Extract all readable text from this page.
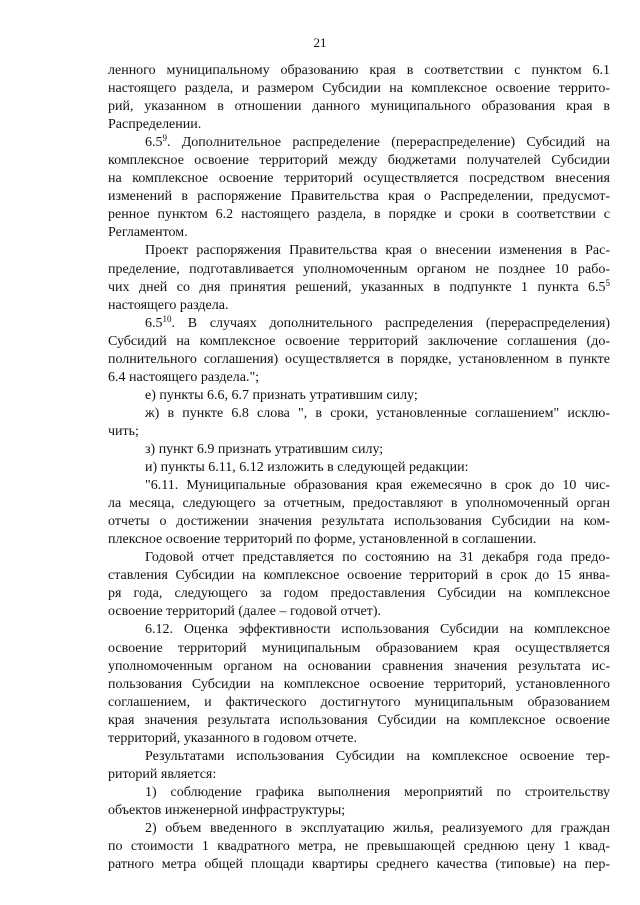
21
ленного муниципальному образованию края в соответствии с пунктом 6.1
настоящего раздела, и размером Субсидии на комплексное освоение террито-
рий, указанном в отношении данного муниципального образования края в
Распределении.
$6.5^9$. Дополнительное распределение (перераспределение) Субсидий на
комплексное освоение территорий между бюджетами получателей Субсидии
на комплексное освоение территорий осуществляется посредством внесения
изменений в распоряжение Правительства края о Распределении, предусмот-
ренное пунктом 6.2 настоящего раздела, в порядке и сроки в соответствии с
Регламентом.
Проект распоряжения Правительства края о внесении изменения в Рас-
пределение, подготавливается уполномоченным органом не позднее 10 рабо-
чих дней со дня принятия решений, указанных в подпункте 1 пункта $6.5^5$
настоящего раздела.
$6.5^{10}$. В случаях дополнительного распределения (перераспределения)
Субсидий на комплексное освоение территорий заключение соглашения (до-
полнительного соглашения) осуществляется в порядке, установленном в пункте
6.4 настоящего раздела.";
е) пункты 6.6, 6.7 признать утратившим силу;
ж) в пункте 6.8 слова ", в сроки, установленные соглашением" исклю-
чить;
з) пункт 6.9 признать утратившим силу;
и) пункты 6.11, 6.12 изложить в следующей редакции:
"6.11. Муниципальные образования края ежемесячно в срок до 10 чис-
ла месяца, следующего за отчетным, предоставляют в уполномоченный орган
отчеты о достижении значения результата использования Субсидии на ком-
плексное освоение территорий по форме, установленной в соглашении.
Годовой отчет представляется по состоянию на 31 декабря года предо-
ставления Субсидии на комплексное освоение территорий в срок до 15 янва-
ря года, следующего за годом предоставления Субсидии на комплексное
освоение территорий (далее – годовой отчет).
6.12. Оценка эффективности использования Субсидии на комплексное
освоение территорий муниципальным образованием края осуществляется
уполномоченным органом на основании сравнения значения результата ис-
пользования Субсидии на комплексное освоение территорий, установленного
соглашением, и фактического достигнутого муниципальным образованием
края значения результата использования Субсидии на комплексное освоение
территорий, указанного в годовом отчете.
Результатами использования Субсидии на комплексное освоение тер-
риторий является:
1) соблюдение графика выполнения мероприятий по строительству
объектов инженерной инфраструктуры;
2) объем введенного в эксплуатацию жилья, реализуемого для граждан
по стоимости 1 квадратного метра, не превышающей среднюю цену 1 квад-
ратного метра общей площади квартиры среднего качества (типовые) на пер-
